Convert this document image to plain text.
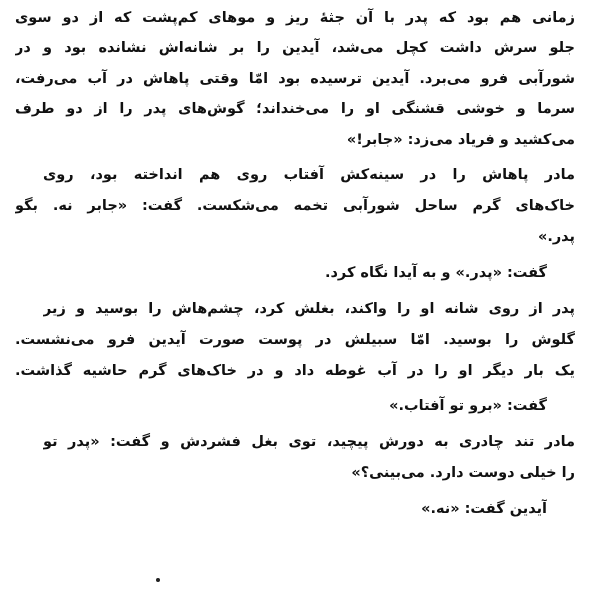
زمانی هم بود که پدر با آن جثهٔ ریز و موهای کم‌پشت که از دو سوی
جلو سرش داشت کچل می‌شد، آیدین را بر شانه‌اش نشانده بود و در
شورآبی فرو می‌برد. آیدین ترسیده بود امّا وقتی پاهاش در آب می‌رفت،
سرما و خوشی قشنگی او را می‌خنداند؛ گوش‌های پدر را از دو طرف
می‌کشید و فریاد می‌زد: «جابر!»
مادر پاهاش را در سینه‌کش آفتاب روی هم انداخته بود، روی
خاک‌های گرم ساحل شورآبی تخمه می‌شکست. گفت: «جابر نه. بگو
پدر.»
گفت: «پدر.» و به آیدا نگاه کرد.
پدر از روی شانه او را واکند، بغلش کرد، چشم‌هاش را بوسید و زیر
گلوش را بوسید. امّا سبیلش در پوست صورت آیدین فرو می‌نشست.
یک بار دیگر او را در آب غوطه داد و در خاک‌های گرم حاشیه گذاشت.
گفت: «برو تو آفتاب.»
مادر تند چادری به دورش پیچید، توی بغل فشردش و گفت: «پدر تو
را خیلی دوست دارد. می‌بینی؟»
آیدین گفت: «نه.»
